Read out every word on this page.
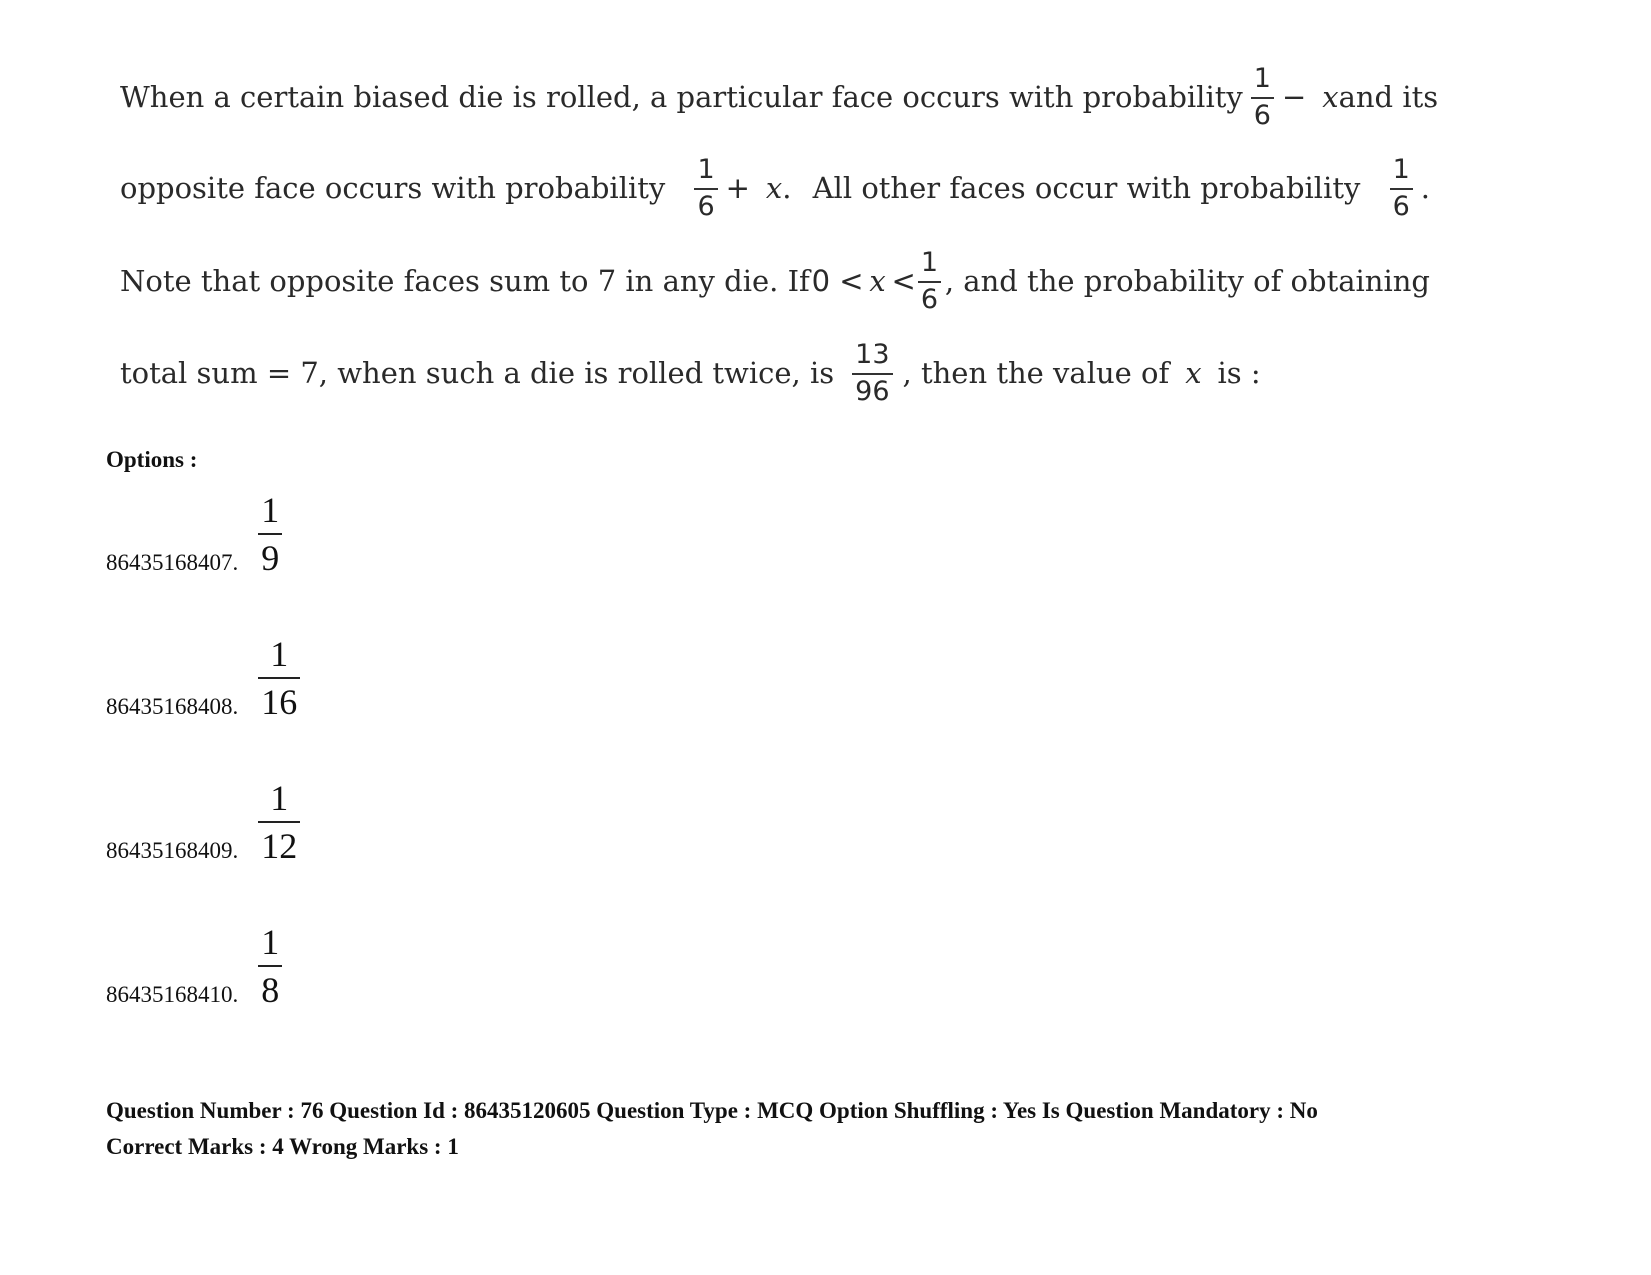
When a certain biased die is rolled, a particular face occurs with probability $\frac{1}{6} - x$ and its
opposite face occurs with probability $\frac{1}{6} + x$ . All other faces occur with probability $\frac{1}{6}$ .
Note that opposite faces sum to 7 in any die. If $0 < x < \frac{1}{6}$ , and the probability of obtaining
total sum = 7, when such a die is rolled twice, is $\frac{13}{96}$ , then the value of x is :
Options :
86435168407. $\frac{1}{9}$
86435168408. $\frac{1}{16}$
86435168409. $\frac{1}{12}$
86435168410. $\frac{1}{8}$
Question Number : 76 Question Id : 86435120605 Question Type : MCQ Option Shuffling : Yes Is Question Mandatory : No
Correct Marks : 4 Wrong Marks : 1
